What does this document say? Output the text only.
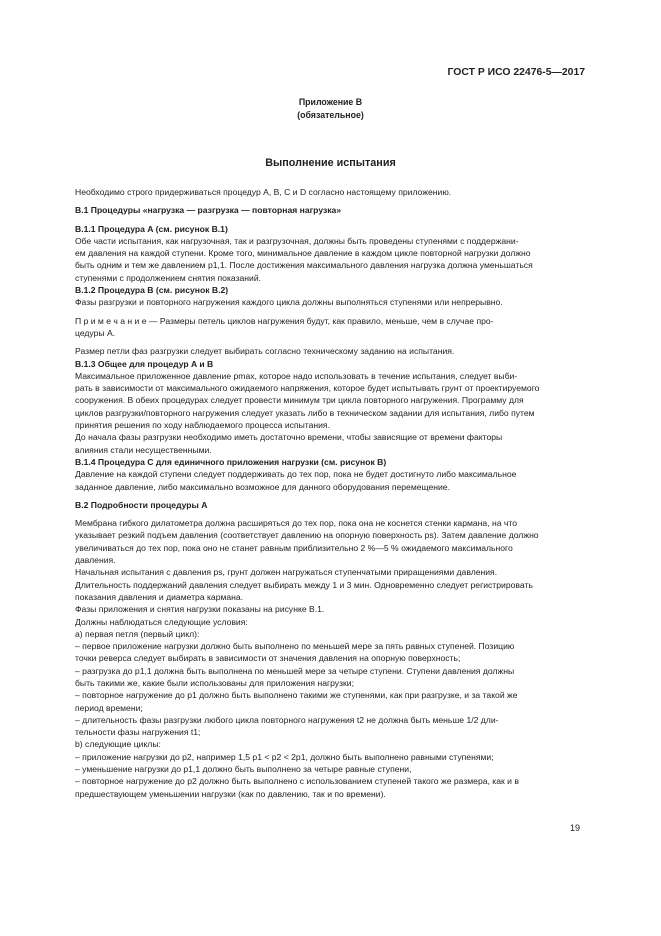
ГОСТ Р ИСО 22476-5—2017
Приложение В
(обязательное)
Выполнение испытания
Необходимо строго придерживаться процедур A, B, C и D согласно настоящему приложению.
B.1 Процедуры «нагрузка — разгрузка — повторная нагрузка»
B.1.1 Процедура A (см. рисунок B.1)
Обе части испытания, как нагрузочная, так и разгрузочная, должны быть проведены ступенями с поддержани-
ем давления на каждой ступени. Кроме того, минимальное давление в каждом цикле повторной нагрузки должно
быть одним и тем же давлением p1,1. После достижения максимального давления нагрузка должна уменьшаться
ступенями с продолжением снятия показаний.
B.1.2 Процедура B (см. рисунок B.2)
Фазы разгрузки и повторного нагружения каждого цикла должны выполняться ступенями или непрерывно.
П р и м е ч а н и е — Размеры петель циклов нагружения будут, как правило, меньше, чем в случае про-
цедуры A.
Размер петли фаз разгрузки следует выбирать согласно техническому заданию на испытания.
B.1.3 Общее для процедур A и B
Максимальное приложенное давление pmax, которое надо использовать в течение испытания, следует выби-
рать в зависимости от максимального ожидаемого напряжения, которое будет испытывать грунт от проектируемого
сооружения. В обеих процедурах следует провести минимум три цикла повторного нагружения. Программу для
циклов разгрузки/повторного нагружения следует указать либо в техническом задании для испытания, либо путем
принятия решения по ходу наблюдаемого процесса испытания.
До начала фазы разгрузки необходимо иметь достаточно времени, чтобы зависящие от времени факторы
влияния стали несущественными.
B.1.4 Процедура C для единичного приложения нагрузки (см. рисунок B)
Давление на каждой ступени следует поддерживать до тех пор, пока не будет достигнуто либо максимальное
заданное давление, либо максимально возможное для данного оборудования перемещение.
B.2 Подробности процедуры A
Мембрана гибкого дилатометра должна расширяться до тех пор, пока она не коснется стенки кармана, на что
указывает резкий подъем давления (соответствует давлению на опорную поверхность ps). Затем давление должно
увеличиваться до тех пор, пока оно не станет равным приблизительно 2 %—5 % ожидаемого максимального
давления.
Начальная испытания с давления ps, грунт должен нагружаться ступенчатыми приращениями давления.
Длительность поддержаний давления следует выбирать между 1 и 3 мин. Одновременно следует регистрировать
показания давления и диаметра кармана.
Фазы приложения и снятия нагрузки показаны на рисунке B.1.
Должны наблюдаться следующие условия:
a) первая петля (первый цикл):
– первое приложение нагрузки должно быть выполнено по меньшей мере за пять равных ступеней. Позицию
точки реверса следует выбирать в зависимости от значения давления на опорную поверхность;
– разгрузка до p1,1 должна быть выполнена по меньшей мере за четыре ступени. Ступени давления должны
быть такими же, какие были использованы для приложения нагрузки;
– повторное нагружение до p1 должно быть выполнено такими же ступенями, как при разгрузке, и за такой же
период времени;
– длительность фазы разгрузки любого цикла повторного нагружения t2 не должна быть меньше 1/2 дли-
тельности фазы нагружения t1;
b) следующие циклы:
– приложение нагрузки до p2, например 1,5 p1 < p2 < 2p1, должно быть выполнено равными ступенями;
– уменьшение нагрузки до p1,1 должно быть выполнено за четыре равные ступени,
– повторное нагружение до p2 должно быть выполнено с использованием ступеней такого же размера, как и в
предшествующем уменьшении нагрузки (как по давлению, так и по времени).
19
